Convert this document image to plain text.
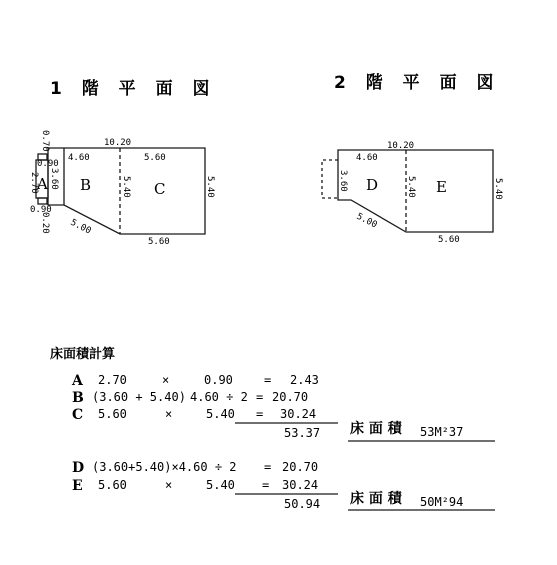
1 階 平 面 図	2 階 平 面 図
10.20
4.60	5.60
5.60
5.00
2.70 3.60	5.40	5.40
0.70
0.90
0.90
0.20
A B	C
10.20
4.60
3.60	5.40	5.40
5.00
5.60
D	E
床面積計算
A 2.70	×	0.90	= 2.43
B (3.60 + 5.40) 4.60 ÷ 2 = 20.70
C 5.60	×	5.40 = 30.24
53.37 床 面 積 53M²37
D (3.60+5.40)×4.60 ÷ 2 = 20.70
E 5.60	×	5.40 = 30.24
50.94 床 面 積 50M²94
